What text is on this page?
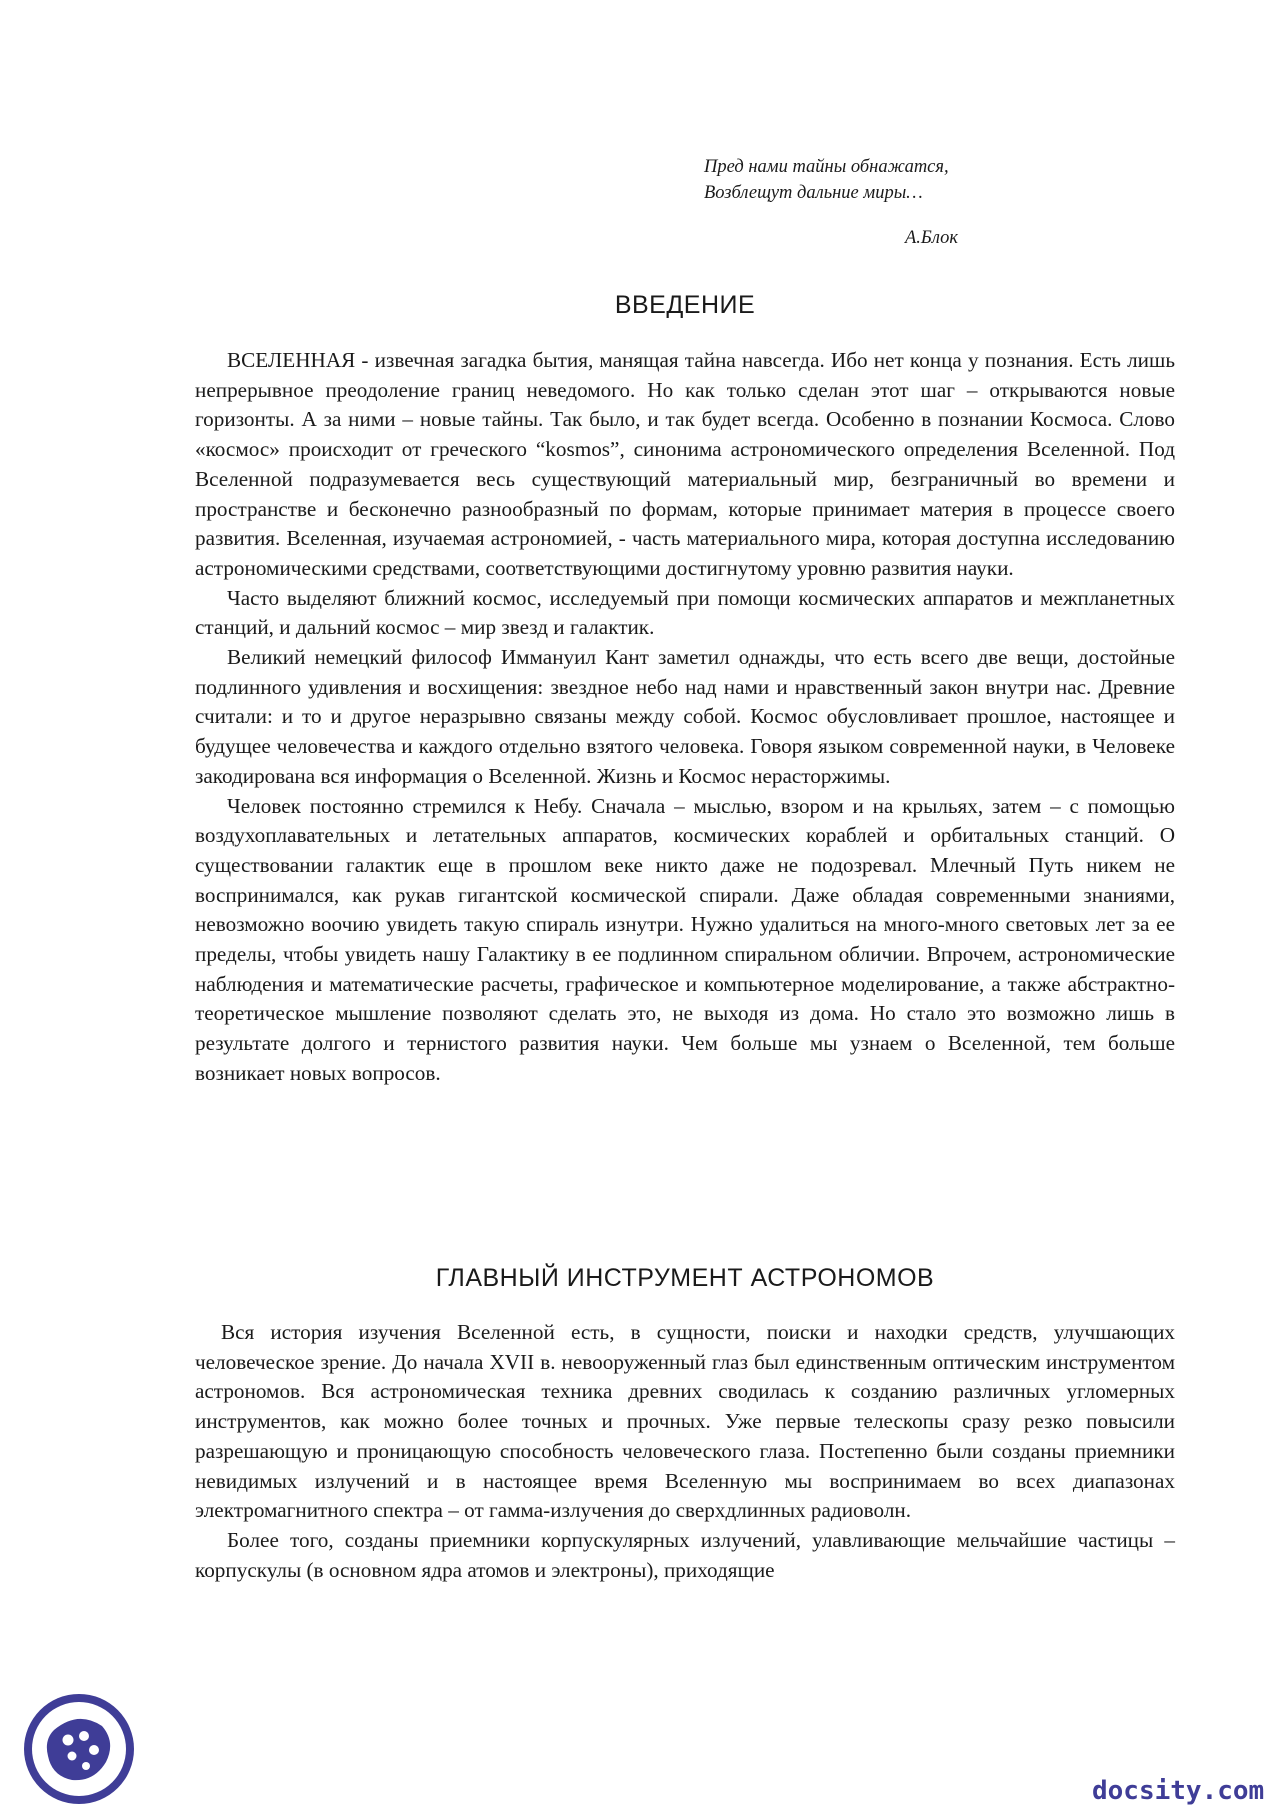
Пред нами тайны обнажатся,
Возблещут дальние миры…
А.Блок
ВВЕДЕНИЕ

ВСЕЛЕННАЯ - извечная загадка бытия, манящая тайна навсегда. Ибо нет конца у познания. Есть лишь непрерывное преодоление границ неведомого. Но как только сделан этот шаг – открываются новые горизонты. А за ними – новые тайны. Так было, и так будет всегда. Особенно в познании Космоса. Слово «космос» происходит от греческого “kosmos”, синонима астрономического определения Вселенной. Под Вселенной подразумевается весь существующий материальный мир, безграничный во времени и пространстве и бесконечно разнообразный по формам, которые принимает материя в процессе своего развития. Вселенная, изучаемая астрономией, - часть материального мира, которая доступна исследованию астрономическими средствами, соответствующими достигнутому уровню развития науки.

Часто выделяют ближний космос, исследуемый при помощи космических аппаратов и межпланетных станций, и дальний космос – мир звезд и галактик.

Великий немецкий философ Иммануил Кант заметил однажды, что есть всего две вещи, достойные подлинного удивления и восхищения: звездное небо над нами и нравственный закон внутри нас. Древние считали: и то и другое неразрывно связаны между собой. Космос обусловливает прошлое, настоящее и будущее человечества и каждого отдельно взятого человека. Говоря языком современной науки, в Человеке закодирована вся информация о Вселенной. Жизнь и Космос нерасторжимы.

Человек постоянно стремился к Небу. Сначала – мыслью, взором и на крыльях, затем – с помощью воздухоплавательных и летательных аппаратов, космических кораблей и орбитальных станций. О существовании галактик еще в прошлом веке никто даже не подозревал. Млечный Путь никем не воспринимался, как рукав гигантской космической спирали. Даже обладая современными знаниями, невозможно воочию увидеть такую спираль изнутри. Нужно удалиться на много-много световых лет за ее пределы, чтобы увидеть нашу Галактику в ее подлинном спиральном обличии. Впрочем, астрономические наблюдения и математические расчеты, графическое и компьютерное моделирование, а также абстрактно-теоретическое мышление позволяют сделать это, не выходя из дома. Но стало это возможно лишь в результате долгого и тернистого развития науки. Чем больше мы узнаем о Вселенной, тем больше возникает новых вопросов.

ГЛАВНЫЙ ИНСТРУМЕНТ АСТРОНОМОВ

Вся история изучения Вселенной есть, в сущности, поиски и находки средств, улучшающих человеческое зрение. До начала XVII в. невооруженный глаз был единственным оптическим инструментом астрономов. Вся астрономическая техника древних сводилась к созданию различных угломерных инструментов, как можно более точных и прочных. Уже первые телескопы сразу резко повысили разрешающую и проницающую способность человеческого глаза. Постепенно были созданы приемники невидимых излучений и в настоящее время Вселенную мы воспринимаем во всех диапазонах электромагнитного спектра – от гамма-излучения до сверхдлинных радиоволн.

Более того, созданы приемники корпускулярных излучений, улавливающие мельчайшие частицы – корпускулы (в основном ядра атомов и электроны), приходящие

docsity.com
